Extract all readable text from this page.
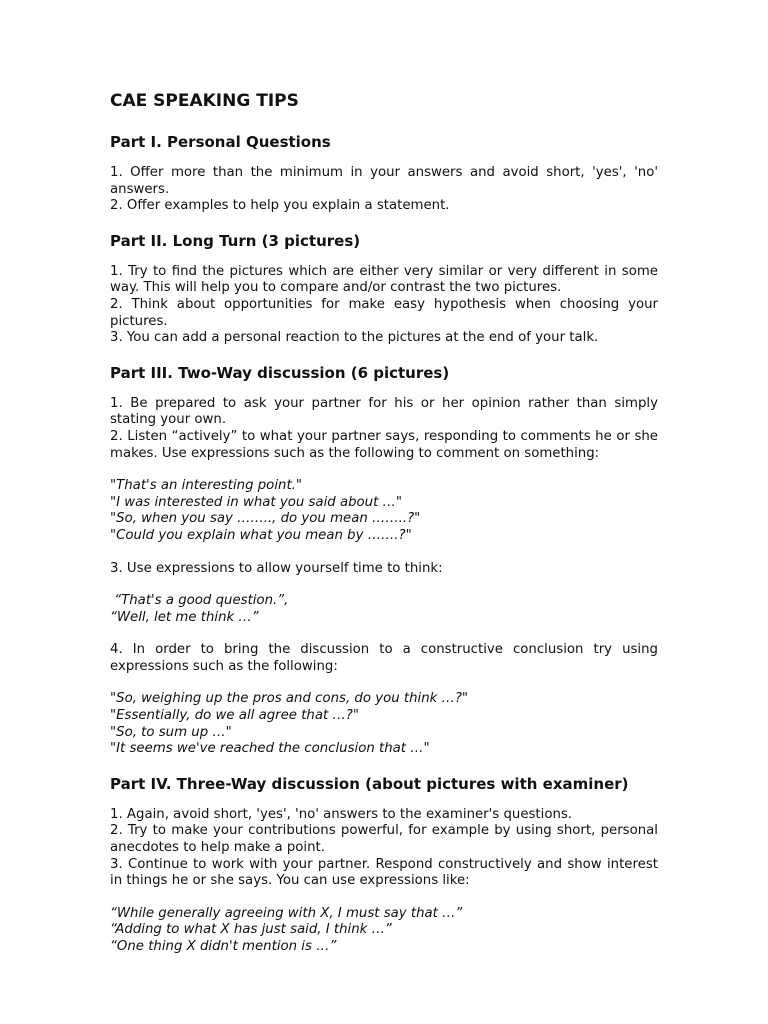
CAE SPEAKING TIPS
Part I. Personal Questions

1. Offer more than the minimum in your answers and avoid short, 'yes', 'no' answers.

2. Offer examples to help you explain a statement.

Part II. Long Turn (3 pictures)

1. Try to find the pictures which are either very similar or very different in some way. This will help you to compare and/or contrast the two pictures.

2. Think about opportunities for make easy hypothesis when choosing your pictures.

3. You can add a personal reaction to the pictures at the end of your talk.

Part III. Two-Way discussion (6 pictures)

1. Be prepared to ask your partner for his or her opinion rather than simply stating your own.

2. Listen “actively” to what your partner says, responding to comments he or she makes. Use expressions such as the following to comment on something:

"That's an interesting point."

"I was interested in what you said about …"

"So, when you say …….., do you mean ……..?"

"Could you explain what you mean by …….?"

3. Use expressions to allow yourself time to think:

“That's a good question.”,

“Well, let me think …”

4. In order to bring the discussion to a constructive conclusion try using expressions such as the following:

"So, weighing up the pros and cons, do you think …?"

"Essentially, do we all agree that …?"

"So, to sum up …"

"It seems we've reached the conclusion that …"

Part IV. Three-Way discussion (about pictures with examiner)

1. Again, avoid short, 'yes', 'no' answers to the examiner's questions.

2. Try to make your contributions powerful, for example by using short, personal anecdotes to help make a point.

3. Continue to work with your partner. Respond constructively and show interest in things he or she says. You can use expressions like:

“While generally agreeing with X, I must say that …”

“Adding to what X has just said, I think …”

“One thing X didn't mention is …”
